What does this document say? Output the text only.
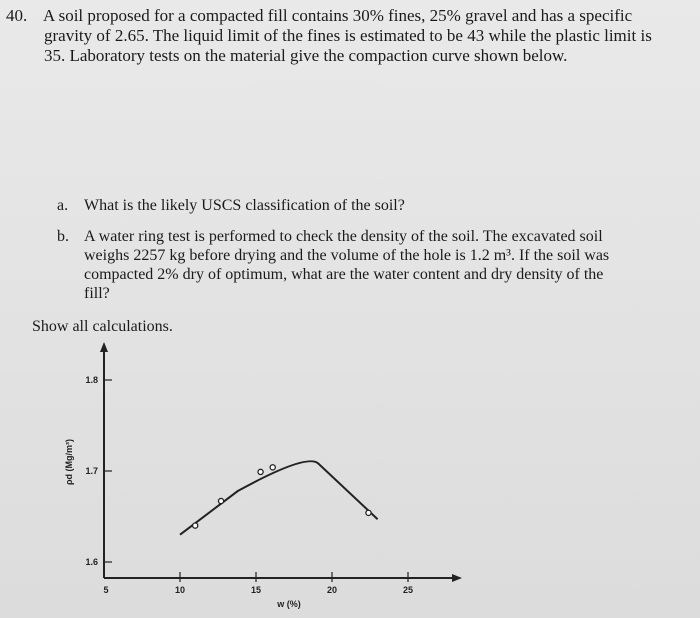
40. A soil proposed for a compacted fill contains 30% fines, 25% gravel and has a specific
gravity of 2.65. The liquid limit of the fines is estimated to be 43 while the plastic limit is
35. Laboratory tests on the material give the compaction curve shown below.
a. What is the likely USCS classification of the soil?
b. A water ring test is performed to check the density of the soil. The excavated soil
weighs 2257 kg before drying and the volume of the hole is 1.2 m³. If the soil was
compacted 2% dry of optimum, what are the water content and dry density of the
fill?
Show all calculations.
1.6
1.7
1.8
5	10	15	20	25
w (%)
ρd (Mg/m³)
